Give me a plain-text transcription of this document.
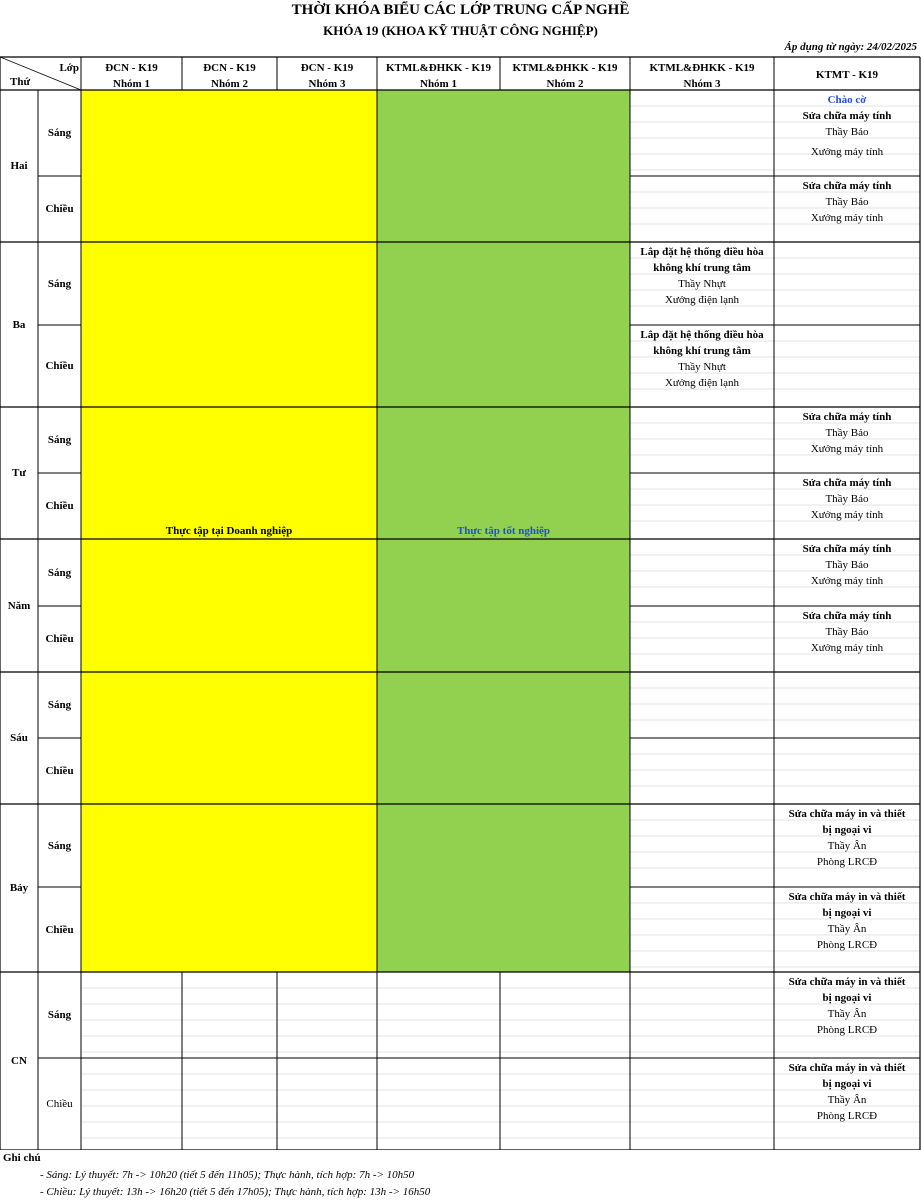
THỜI KHÓA BIỂU CÁC LỚP TRUNG CẤP NGHỀ
KHÓA 19 (KHOA KỸ THUẬT CÔNG NGHIỆP)
Áp dụng từ ngày: 24/02/2025
Lớp
Thứ
ĐCN - K19
Nhóm 1
ĐCN - K19
Nhóm 2
ĐCN - K19
Nhóm 3
KTML&ĐHKK - K19
Nhóm 1
KTML&ĐHKK - K19
Nhóm 2
KTML&ĐHKK - K19
Nhóm 3
KTMT - K19
Hai
Sáng
Chiều
Ba
Sáng
Chiều
Tư
Sáng
Chiều
Năm
Sáng
Chiều
Sáu
Sáng
Chiều
Bảy
Sáng
Chiều
CN
Sáng
Chiều
Thực tập tại Doanh nghiệp	Thực tập tốt nghiệp
Lắp đặt hệ thống điều hòa
không khí trung tâm
Thầy Nhựt
Xưởng điện lạnh
Lắp đặt hệ thống điều hòa
không khí trung tâm
Thầy Nhựt
Xưởng điện lạnh
Chào cờ
Sửa chữa máy tính
Thầy Bảo
Xưởng máy tính
Sửa chữa máy tính
Thầy Bảo
Xưởng máy tính
Sửa chữa máy tính
Thầy Bảo
Xưởng máy tính
Sửa chữa máy tính
Thầy Bảo
Xưởng máy tính
Sửa chữa máy tính
Thầy Bảo
Xưởng máy tính
Sửa chữa máy tính
Thầy Bảo
Xưởng máy tính
Sửa chữa máy in và thiết
bị ngoại vi
Thầy Ân
Phòng LRCĐ
Sửa chữa máy in và thiết
bị ngoại vi
Thầy Ân
Phòng LRCĐ
Sửa chữa máy in và thiết
bị ngoại vi
Thầy Ân
Phòng LRCĐ
Sửa chữa máy in và thiết
bị ngoại vi
Thầy Ân
Phòng LRCĐ
Ghi chú
- Sáng: Lý thuyết: 7h -> 10h20 (tiết 5 đến 11h05); Thực hành, tích hợp: 7h -> 10h50
- Chiều: Lý thuyết: 13h -> 16h20 (tiết 5 đến 17h05); Thực hành, tích hợp: 13h -> 16h50
